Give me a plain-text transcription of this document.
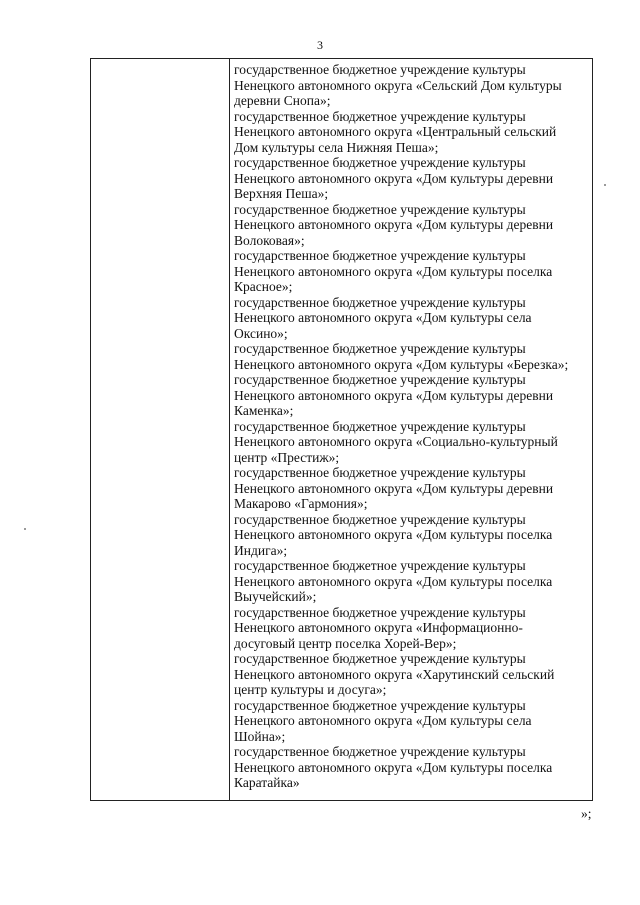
3
государственное бюджетное учреждение культуры
Ненецкого автономного округа «Сельский Дом культуры
деревни Снопа»;
государственное бюджетное учреждение культуры
Ненецкого автономного округа «Центральный сельский
Дом культуры села Нижняя Пеша»;
государственное бюджетное учреждение культуры
Ненецкого автономного округа «Дом культуры деревни
Верхняя Пеша»;
государственное бюджетное учреждение культуры
Ненецкого автономного округа «Дом культуры деревни
Волоковая»;
государственное бюджетное учреждение культуры
Ненецкого автономного округа «Дом культуры поселка
Красное»;
государственное бюджетное учреждение культуры
Ненецкого автономного округа «Дом культуры села
Оксино»;
государственное бюджетное учреждение культуры
Ненецкого автономного округа «Дом культуры «Березка»;
государственное бюджетное учреждение культуры
Ненецкого автономного округа «Дом культуры деревни
Каменка»;
государственное бюджетное учреждение культуры
Ненецкого автономного округа «Социально-культурный
центр «Престиж»;
государственное бюджетное учреждение культуры
Ненецкого автономного округа «Дом культуры деревни
Макарово «Гармония»;
государственное бюджетное учреждение культуры
Ненецкого автономного округа «Дом культуры поселка
Индига»;
государственное бюджетное учреждение культуры
Ненецкого автономного округа «Дом культуры поселка
Выучейский»;
государственное бюджетное учреждение культуры
Ненецкого автономного округа «Информационно-
досуговый центр поселка Хорей-Вер»;
государственное бюджетное учреждение культуры
Ненецкого автономного округа «Харутинский сельский
центр культуры и досуга»;
государственное бюджетное учреждение культуры
Ненецкого автономного округа «Дом культуры села
Шойна»;
государственное бюджетное учреждение культуры
Ненецкого автономного округа «Дом культуры поселка
Каратайка»
»;
